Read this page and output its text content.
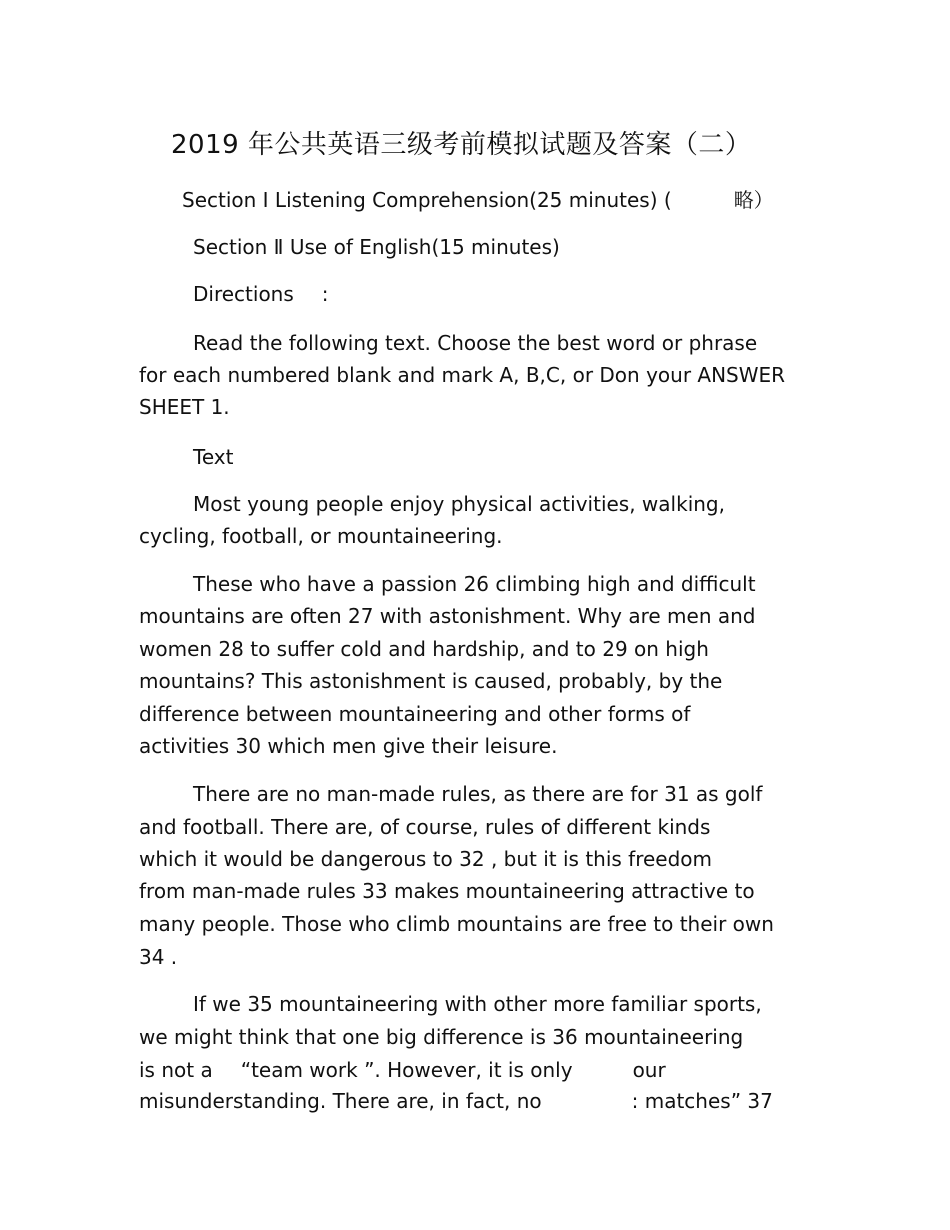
2019 年公共英语三级考前模拟试题及答案（二）
Section I Listening Comprehension(25 minutes) (	略）
Section Ⅱ Use of English(15 minutes)
Directions :
Read the following text. Choose the best word or phrase
for each numbered blank and mark A, B,C, or Don your ANSWER
SHEET 1.
Text
Most young people enjoy physical activities, walking,
cycling, football, or mountaineering.
These who have a passion 26 climbing high and difficult
mountains are often 27 with astonishment. Why are men and
women 28 to suffer cold and hardship, and to 29 on high
mountains? This astonishment is caused, probably, by the
difference between mountaineering and other forms of
activities 30 which men give their leisure.
There are no man-made rules, as there are for 31 as golf
and football. There are, of course, rules of different kinds
which it would be dangerous to 32 , but it is this freedom
from man-made rules 33 makes mountaineering attractive to
many people. Those who climb mountains are free to their own
34 .
If we 35 mountaineering with other more familiar sports,
we might think that one big difference is 36 mountaineering
is not a “team work ”. However, it is only	our
misunderstanding. There are, in fact, no	: matches” 37
